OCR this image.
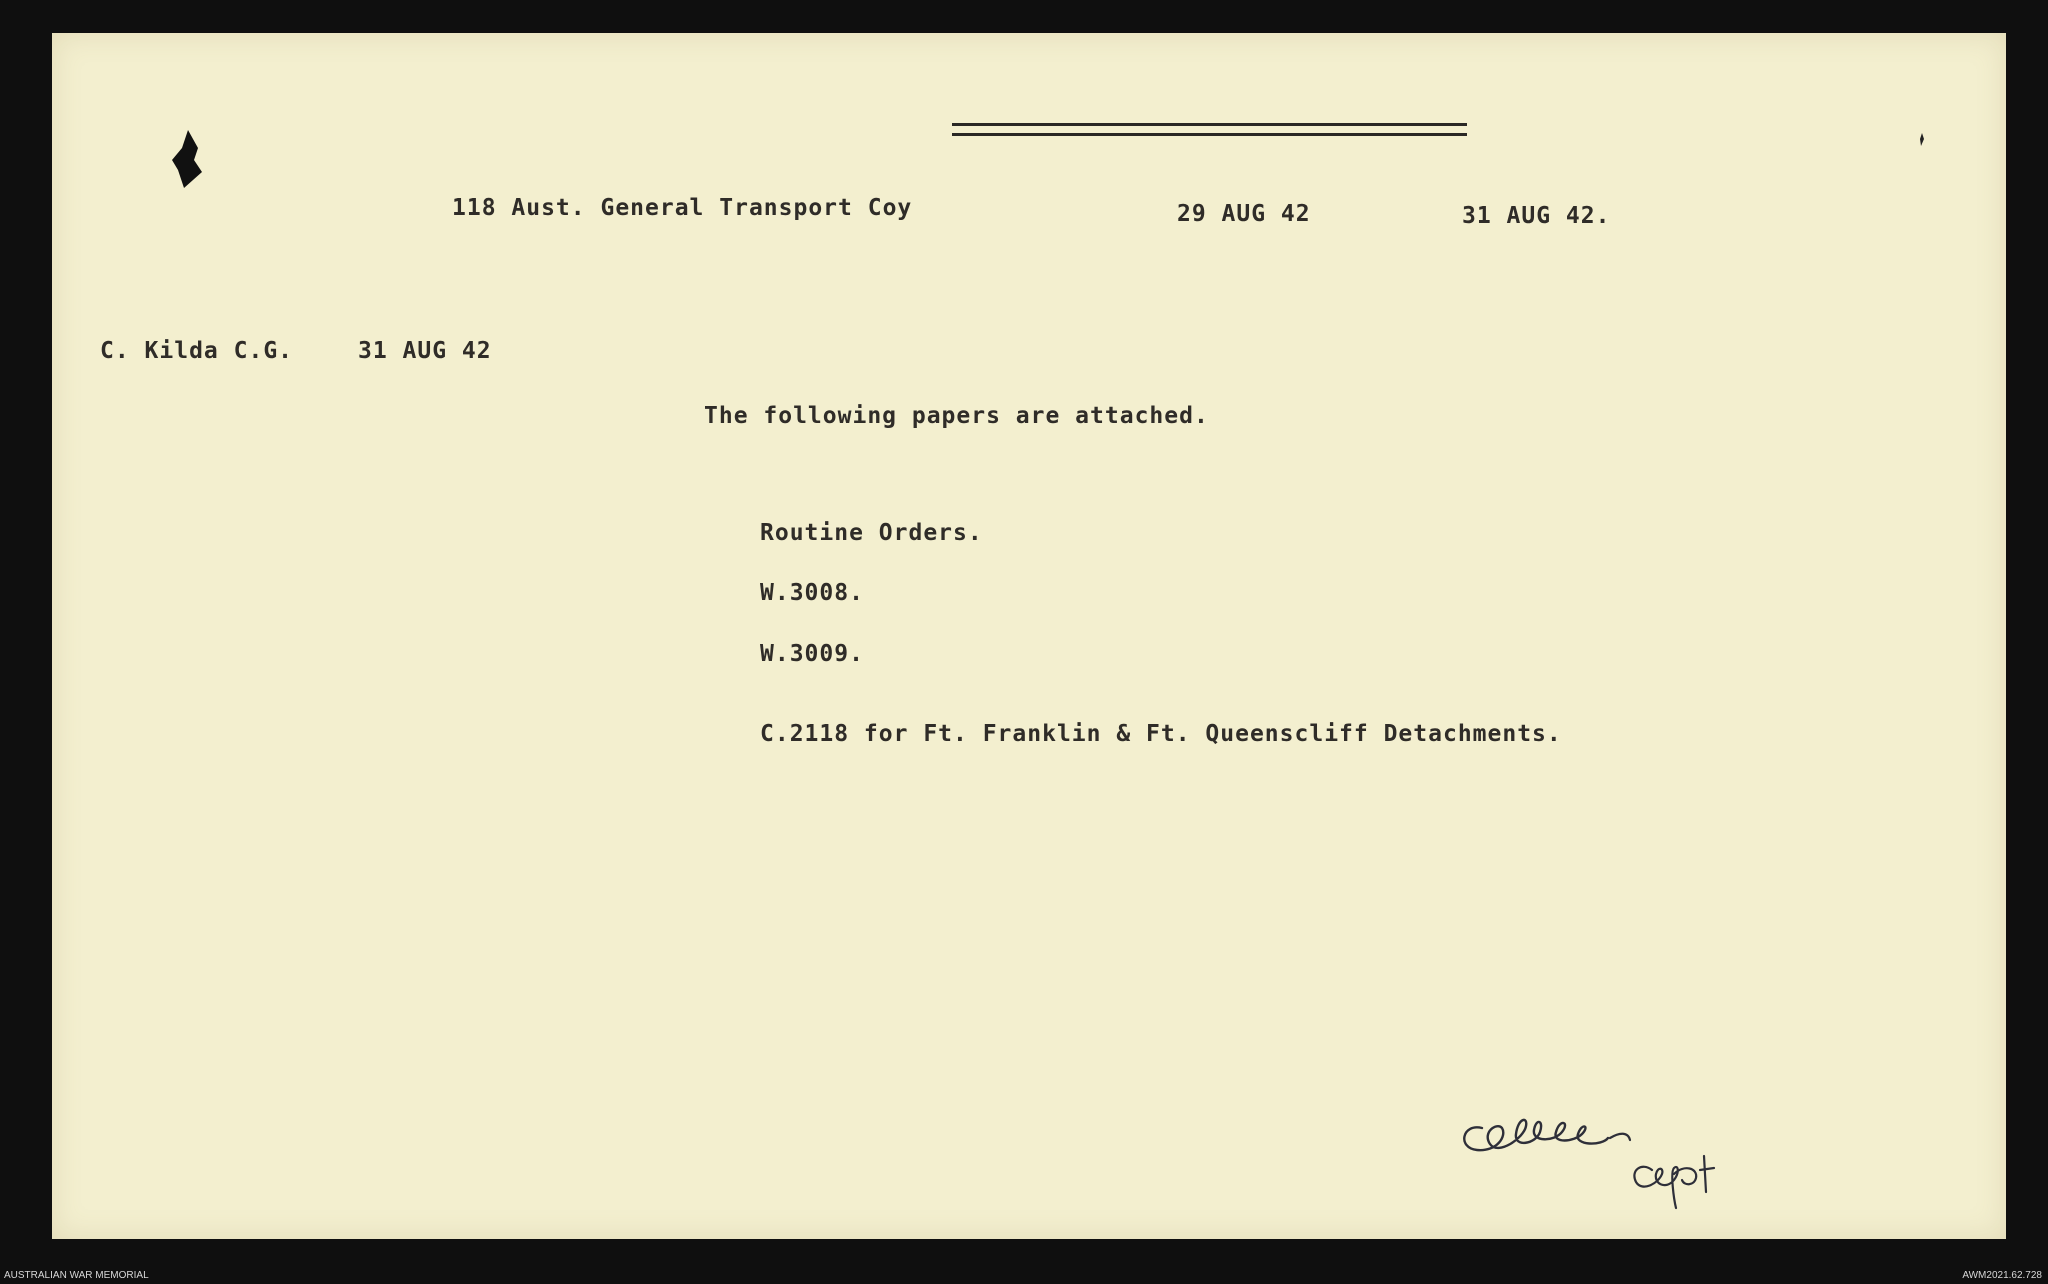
118 Aust. General Transport Coy	29 AUG 42	31 AUG 42.
C. Kilda C.G.	31 AUG 42
The following papers are attached.
Routine Orders.
W.3008.
W.3009.
C.2118 for Ft. Franklin & Ft. Queenscliff Detachments.
AUSTRALIAN WAR MEMORIAL	AWM2021.62.728
